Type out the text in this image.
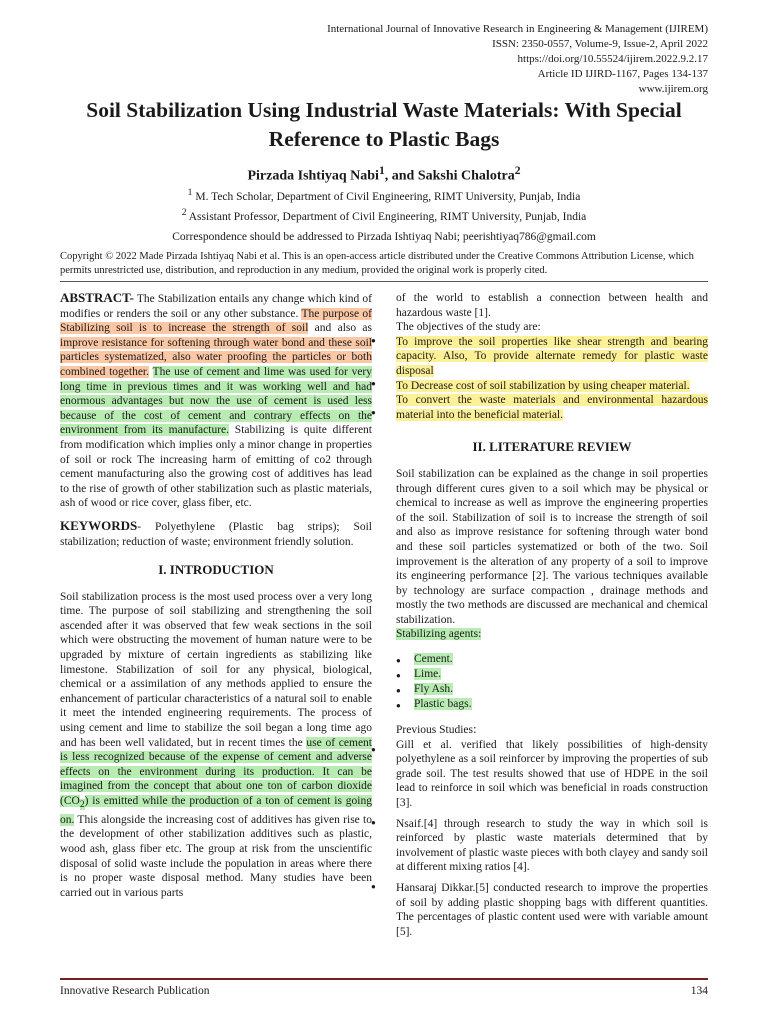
International Journal of Innovative Research in Engineering & Management (IJIREM)
ISSN: 2350-0557, Volume-9, Issue-2, April 2022
https://doi.org/10.55524/ijirem.2022.9.2.17
Article ID IJIRD-1167, Pages 134-137
www.ijirem.org
Soil Stabilization Using Industrial Waste Materials: With Special
Reference to Plastic Bags
Pirzada Ishtiyaq Nabi$^1$, and Sakshi Chalotra$^2$
$^1$ M. Tech Scholar, Department of Civil Engineering, RIMT University, Punjab, India
$^2$ Assistant Professor, Department of Civil Engineering, RIMT University, Punjab, India
Correspondence should be addressed to Pirzada Ishtiyaq Nabi; peerishtiyaq786@gmail.com
Copyright © 2022 Made Pirzada Ishtiyaq Nabi et al. This is an open-access article distributed under the Creative Commons Attribution License, which permits unrestricted use, distribution, and reproduction in any medium, provided the original work is properly cited.

ABSTRACT- The Stabilization entails any change which kind of modifies or renders the soil or any other substance. The purpose of Stabilizing soil is to increase the strength of soil and also as improve resistance for softening through water bond and these soil particles systematized, also water proofing the particles or both combined together. The use of cement and lime was used for very long time in previous times and it was working well and had enormous advantages but now the use of cement is used less because of the cost of cement and contrary effects on the environment from its manufacture. Stabilizing is quite different from modification which implies only a minor change in properties of soil or rock The increasing harm of emitting of co2 through cement manufacturing also the growing cost of additives has lead to the rise of growth of other stabilization such as plastic materials, ash of wood or rice cover, glass fiber, etc.

KEYWORDS- Polyethylene (Plastic bag strips); Soil stabilization; reduction of waste; environment friendly solution.

I. INTRODUCTION

Soil stabilization process is the most used process over a very long time. The purpose of soil stabilizing and strengthening the soil ascended after it was observed that few weak sections in the soil which were obstructing the movement of human nature were to be upgraded by mixture of certain ingredients as stabilizing like limestone. Stabilization of soil for any physical, biological, chemical or a assimilation of any methods applied to ensure the enhancement of particular characteristics of a natural soil to enable it meet the intended engineering requirements. The process of using cement and lime to stabilize the soil began a long time ago and has been well validated, but in recent times the use of cement is less recognized because of the expense of cement and adverse effects on the environment during its production. It can be imagined from the concept that about one ton of carbon dioxide $(CO_2)$ is emitted while the production of a ton of cement is going on. This alongside the increasing cost of additives has given rise to the development of other stabilization additives such as plastic, wood ash, glass fiber etc. The group at risk from the unscientific disposal of solid waste include the population in areas where there is no proper waste disposal method. Many studies have been carried out in various parts

●
●
●
●
●
●

of the world to establish a connection between health and hazardous waste [1].

The objectives of the study are:

To improve the soil properties like shear strength and bearing capacity. Also, To provide alternate remedy for plastic waste disposal

To Decrease cost of soil stabilization by using cheaper material.

To convert the waste materials and environmental hazardous material into the beneficial material.

II. LITERATURE REVIEW

Soil stabilization can be explained as the change in soil properties through different cures given to a soil which may be physical or chemical to increase as well as improve the engineering properties of the soil. Stabilization of soil is to increase the strength of soil and also as improve resistance for softening through water bond and these soil particles systematized or both of the two. Soil improvement is the alteration of any property of a soil to improve its engineering performance [2]. The various techniques available by technology are surface compaction , drainage methods and mostly the two methods are discussed are mechanical and chemical stabilization.

Stabilizing agents:

● Cement.
● Lime.
● Fly Ash.
● Plastic bags.

Previous Studies:

Gill et al. verified that likely possibilities of high-density polyethylene as a soil reinforcer by improving the properties of sub grade soil. The test results showed that use of HDPE in the soil lead to reinforce in soil which was beneficial in roads construction [3].

Nsaif.[4] through research to study the way in which soil is reinforced by plastic waste materials determined that by involvement of plastic waste pieces with both clayey and sandy soil at different mixing ratios [4].

Hansaraj Dikkar.[5] conducted research to improve the properties of soil by adding plastic shopping bags with different quantities. The percentages of plastic content used were with variable amount [5].

Innovative Research Publication	134
